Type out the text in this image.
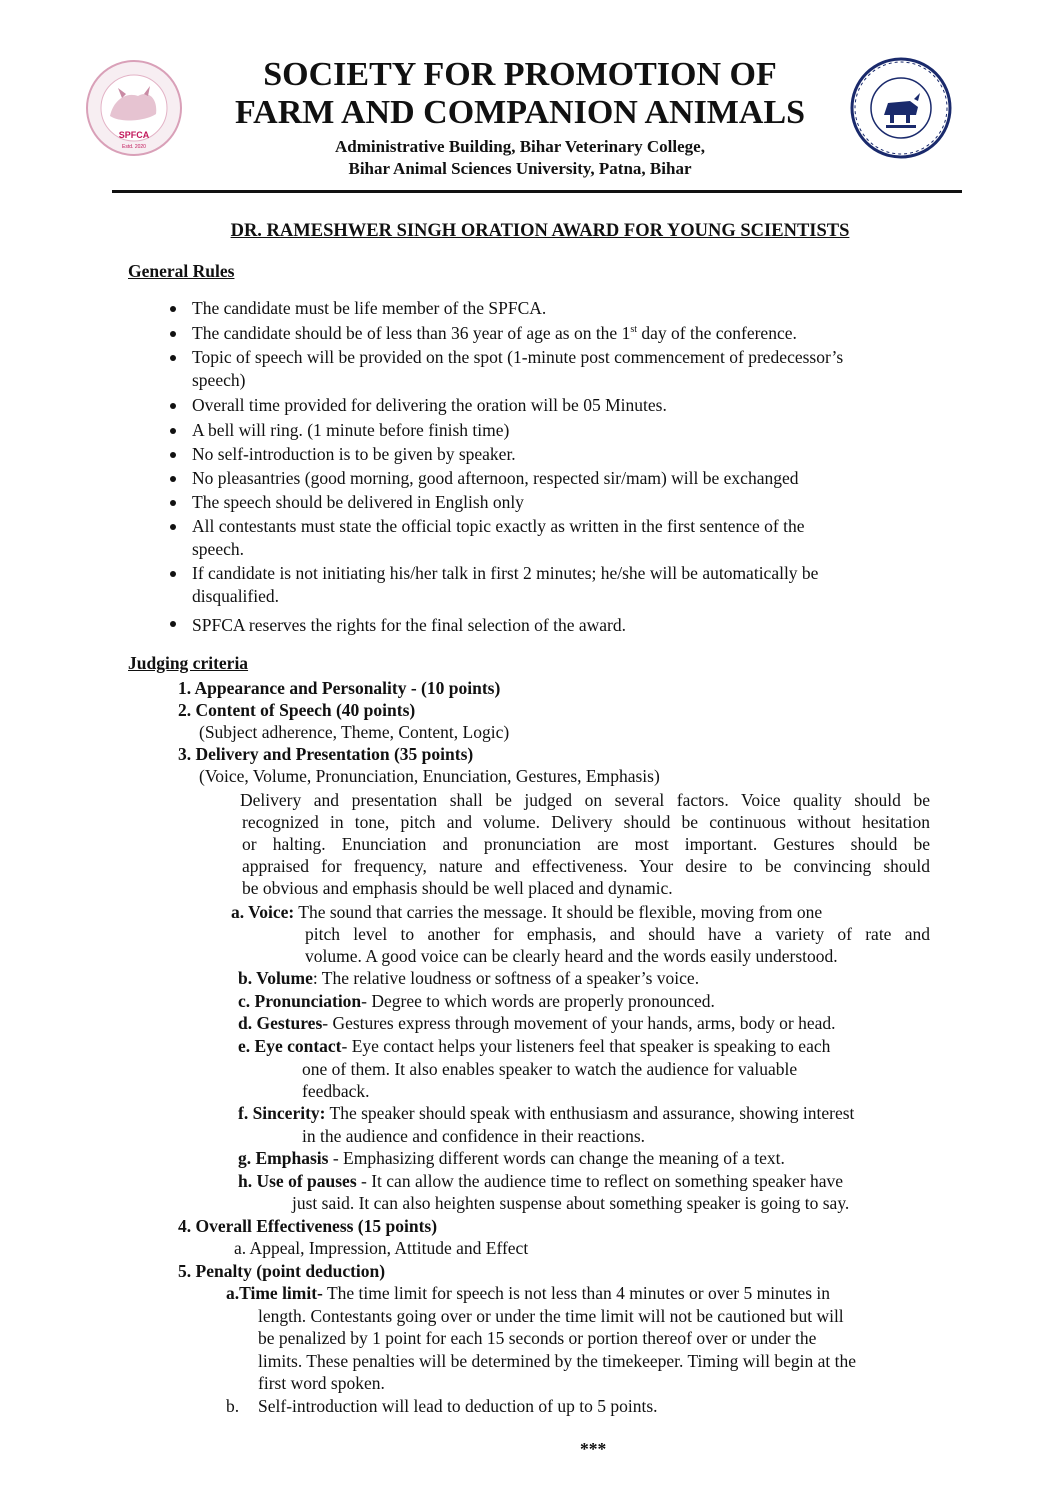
SPFCA
Estd. 2020
SOCIETY FOR PROMOTION OF
FARM AND COMPANION ANIMALS
Administrative Building, Bihar Veterinary College,
Bihar Animal Sciences University, Patna, Bihar
DR. RAMESHWER SINGH ORATION AWARD FOR YOUNG SCIENTISTS
General Rules
The candidate must be life member of the SPFCA.
The candidate should be of less than 36 year of age as on the 1st day of the conference.
Topic of speech will be provided on the spot (1-minute post commencement of predecessor’s
speech)
Overall time provided for delivering the oration will be 05 Minutes.
A bell will ring. (1 minute before finish time)
No self-introduction is to be given by speaker.
No pleasantries (good morning, good afternoon, respected sir/mam) will be exchanged
The speech should be delivered in English only
All contestants must state the official topic exactly as written in the first sentence of the
speech.
If candidate is not initiating his/her talk in first 2 minutes; he/she will be automatically be
disqualified.
SPFCA reserves the rights for the final selection of the award.
Judging criteria
1. Appearance and Personality - (10 points)
2. Content of Speech (40 points)
(Subject adherence, Theme, Content, Logic)
3. Delivery and Presentation (35 points)
(Voice, Volume, Pronunciation, Enunciation, Gestures, Emphasis)
Delivery and presentation shall be judged on several factors. Voice quality should be
recognized in tone, pitch and volume. Delivery should be continuous without hesitation
or halting. Enunciation and pronunciation are most important. Gestures should be
appraised for frequency, nature and effectiveness. Your desire to be convincing should
be obvious and emphasis should be well placed and dynamic.
a. Voice: The sound that carries the message. It should be flexible, moving from one
pitch level to another for emphasis, and should have a variety of rate and
volume. A good voice can be clearly heard and the words easily understood.
b. Volume: The relative loudness or softness of a speaker’s voice.
c. Pronunciation- Degree to which words are properly pronounced.
d. Gestures- Gestures express through movement of your hands, arms, body or head.
e. Eye contact- Eye contact helps your listeners feel that speaker is speaking to each
one of them. It also enables speaker to watch the audience for valuable
feedback.
f. Sincerity: The speaker should speak with enthusiasm and assurance, showing interest
in the audience and confidence in their reactions.
g. Emphasis - Emphasizing different words can change the meaning of a text.
h. Use of pauses - It can allow the audience time to reflect on something speaker have
just said. It can also heighten suspense about something speaker is going to say.
4. Overall Effectiveness (15 points)
a. Appeal, Impression, Attitude and Effect
5. Penalty (point deduction)
a.Time limit- The time limit for speech is not less than 4 minutes or over 5 minutes in
length. Contestants going over or under the time limit will not be cautioned but will
be penalized by 1 point for each 15 seconds or portion thereof over or under the
limits. These penalties will be determined by the timekeeper. Timing will begin at the
first word spoken.
b. Self-introduction will lead to deduction of up to 5 points.
***
